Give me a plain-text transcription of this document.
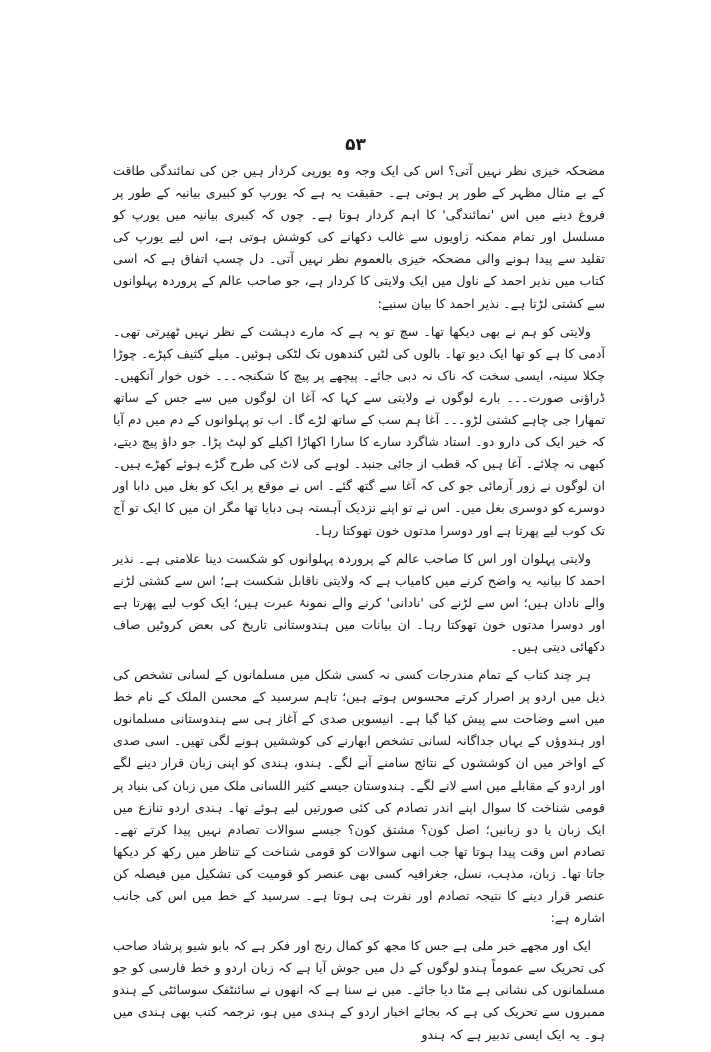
۵۳

مضحکہ خیزی نظر نہیں آتی؟ اس کی ایک وجہ وہ یورپی کردار ہیں جن کی نمائندگی طاقت کے بے مثال مظہر کے طور پر ہوتی ہے۔ حقیقت یہ ہے کہ یورپ کو کبیری بیانیہ کے طور پر فروغ دینے میں اس 'نمائندگی' کا اہم کردار ہوتا ہے۔ چوں کہ کبیری بیانیہ میں یورپ کو مسلسل اور تمام ممکنہ زاویوں سے غالب دکھانے کی کوشش ہوتی ہے، اس لیے یورپ کی تقلید سے پیدا ہونے والی مضحکہ خیزی بالعموم نظر نہیں آتی۔ دل چسپ اتفاق ہے کہ اسی کتاب میں نذیر احمد کے ناول میں ایک ولایتی کا کردار ہے، جو صاحب عالم کے پروردہ پہلوانوں سے کشتی لڑتا ہے۔ نذیر احمد کا بیان سنیے:

ولایتی کو ہم نے بھی دیکھا تھا۔ سچ تو یہ ہے کہ مارے دہشت کے نظر نہیں ٹھیرتی تھی۔ آدمی کا ہے کو تھا ایک دیو تھا۔ بالوں کی لٹیں کندھوں تک لٹکی ہوئیں۔ میلے کثیف کپڑے۔ چوڑا چکلا سینہ، ایسی سخت کہ ناک نہ دبی جائے۔ پیچھے پر پیچ کا شکنجہ۔۔۔ خوں خوار آنکھیں۔ ڈراؤنی صورت۔۔۔ بارے لوگوں نے ولایتی سے کہا کہ آغا ان لوگوں میں سے جس کے ساتھ تمھارا جی چاہے کشتی لڑو۔۔۔ آغا ہم سب کے ساتھ لڑے گا۔ اب تو پہلوانوں کے دم میں دم آیا کہ خیر ایک کی دارو دو۔ استاد شاگرد سارے کا سارا اکھاڑا اکیلے کو لپٹ پڑا۔ جو داؤ پیچ دیتے، کبھی نہ چلائے۔ آغا ہیں کہ قطب از جائی جنبد۔ لوہے کی لاٹ کی طرح گڑے ہوئے کھڑے ہیں۔ ان لوگوں نے زور آزمائی جو کی کہ آغا سے گتھ گئے۔ اس نے موقع پر ایک کو بغل میں دابا اور دوسرے کو دوسری بغل میں۔ اس نے تو اپنے نزدیک آہستہ ہی دبایا تھا مگر ان میں کا ایک تو آج تک کوب لیے پھرتا ہے اور دوسرا مدتوں خون تھوکتا رہا۔

ولایتی پہلوان اور اس کا صاحب عالم کے پروردہ پہلوانوں کو شکست دینا علامتی ہے۔ نذیر احمد کا بیانیہ یہ واضح کرنے میں کامیاب ہے کہ ولایتی ناقابل شکست ہے؛ اس سے کشتی لڑنے والے نادان ہیں؛ اس سے لڑنے کی 'نادانی' کرنے والے نمونۂ عبرت ہیں؛ ایک کوب لیے پھرتا ہے اور دوسرا مدتوں خون تھوکتا رہا۔ ان بیانات میں ہندوستانی تاریخ کی بعض کروٹیں صاف دکھائی دیتی ہیں۔

ہر چند کتاب کے تمام مندرجات کسی نہ کسی شکل میں مسلمانوں کے لسانی تشخص کی ذیل میں اردو پر اصرار کرتے محسوس ہوتے ہیں؛ تاہم سرسید کے محسن الملک کے نام خط میں اسے وضاحت سے پیش کیا گیا ہے۔ انیسویں صدی کے آغاز ہی سے ہندوستانی مسلمانوں اور ہندوؤں کے یہاں جداگانہ لسانی تشخص ابھارنے کی کوششیں ہونے لگی تھیں۔ اسی صدی کے اواخر میں ان کوششوں کے نتائج سامنے آنے لگے۔ ہندو، ہندی کو اپنی زبان قرار دینے لگے اور اردو کے مقابلے میں اسے لانے لگے۔ ہندوستان جیسے کثیر اللسانی ملک میں زبان کی بنیاد پر قومی شناخت کا سوال اپنے اندر تصادم کی کئی صورتیں لیے ہوئے تھا۔ ہندی اردو تنازع میں ایک زبان یا دو زبانیں؛ اصل کون؟ مشتق کون؟ جیسے سوالات تصادم نہیں پیدا کرتے تھے۔ تصادم اس وقت پیدا ہوتا تھا جب انھی سوالات کو قومی شناخت کے تناظر میں رکھ کر دیکھا جاتا تھا۔ زبان، مذہب، نسل، جغرافیہ کسی بھی عنصر کو قومیت کی تشکیل میں فیصلہ کن عنصر قرار دینے کا نتیجہ تصادم اور نفرت ہی ہوتا ہے۔ سرسید کے خط میں اس کی جانب اشارہ ہے:

ایک اور مجھے خبر ملی ہے جس کا مجھ کو کمال رنج اور فکر ہے کہ بابو شیو پرشاد صاحب کی تحریک سے عموماً ہندو لوگوں کے دل میں جوش آیا ہے کہ زبان اردو و خط فارسی کو جو مسلمانوں کی نشانی ہے مٹا دیا جائے۔ میں نے سنا ہے کہ انھوں نے سائنٹفک سوسائٹی کے ہندو ممبروں سے تحریک کی ہے کہ بجائے اخبار اردو کے ہندی میں ہو، ترجمہ کتب بھی ہندی میں ہو۔ یہ ایک ایسی تدبیر ہے کہ ہندو
